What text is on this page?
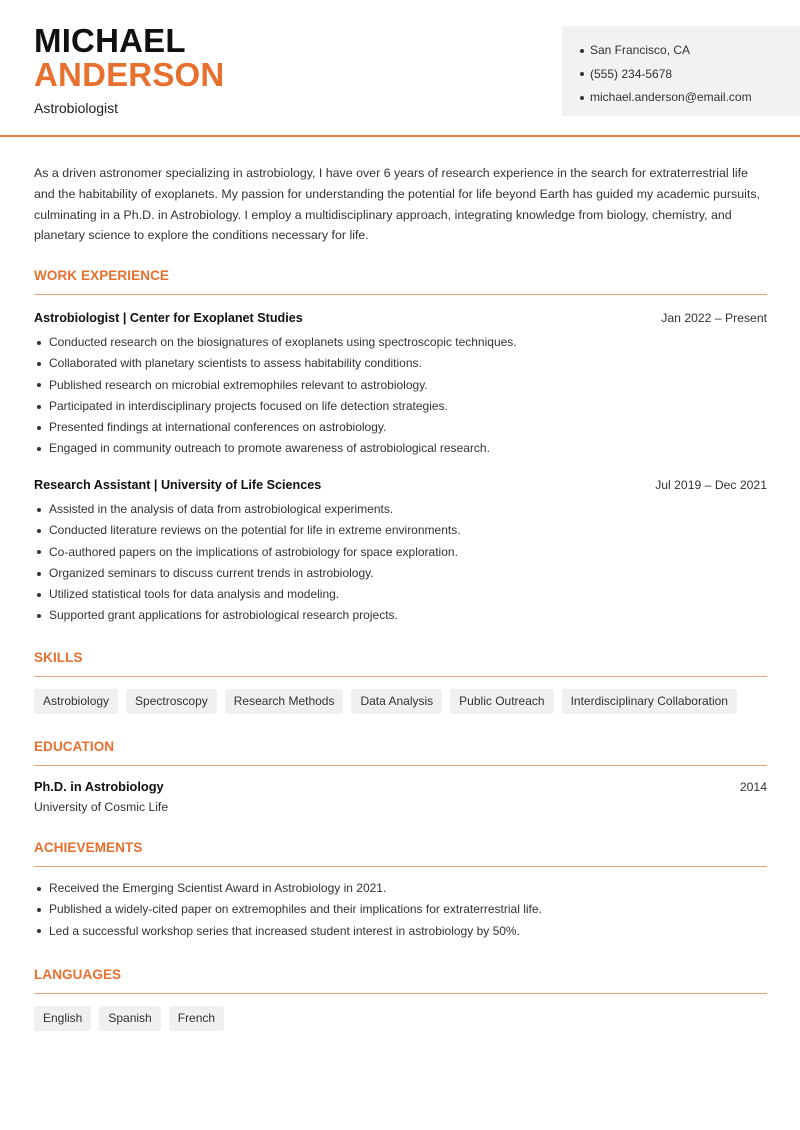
MICHAEL
ANDERSON
Astrobiologist
San Francisco, CA
(555) 234-5678
michael.anderson@email.com

As a driven astronomer specializing in astrobiology, I have over 6 years of research experience in the search for extraterrestrial life and the habitability of exoplanets. My passion for understanding the potential for life beyond Earth has guided my academic pursuits, culminating in a Ph.D. in Astrobiology. I employ a multidisciplinary approach, integrating knowledge from biology, chemistry, and planetary science to explore the conditions necessary for life.

WORK EXPERIENCE
Astrobiologist | Center for Exoplanet Studies	Jan 2022 – Present
Conducted research on the biosignatures of exoplanets using spectroscopic techniques.
Collaborated with planetary scientists to assess habitability conditions.
Published research on microbial extremophiles relevant to astrobiology.
Participated in interdisciplinary projects focused on life detection strategies.
Presented findings at international conferences on astrobiology.
Engaged in community outreach to promote awareness of astrobiological research.
Research Assistant | University of Life Sciences	Jul 2019 – Dec 2021
Assisted in the analysis of data from astrobiological experiments.
Conducted literature reviews on the potential for life in extreme environments.
Co-authored papers on the implications of astrobiology for space exploration.
Organized seminars to discuss current trends in astrobiology.
Utilized statistical tools for data analysis and modeling.
Supported grant applications for astrobiological research projects.
SKILLS
Astrobiology	Spectroscopy	Research Methods	Data Analysis	Public Outreach	Interdisciplinary Collaboration
EDUCATION
Ph.D. in Astrobiology	2014
University of Cosmic Life
ACHIEVEMENTS
Received the Emerging Scientist Award in Astrobiology in 2021.
Published a widely-cited paper on extremophiles and their implications for extraterrestrial life.
Led a successful workshop series that increased student interest in astrobiology by 50%.
LANGUAGES
English	Spanish	French
